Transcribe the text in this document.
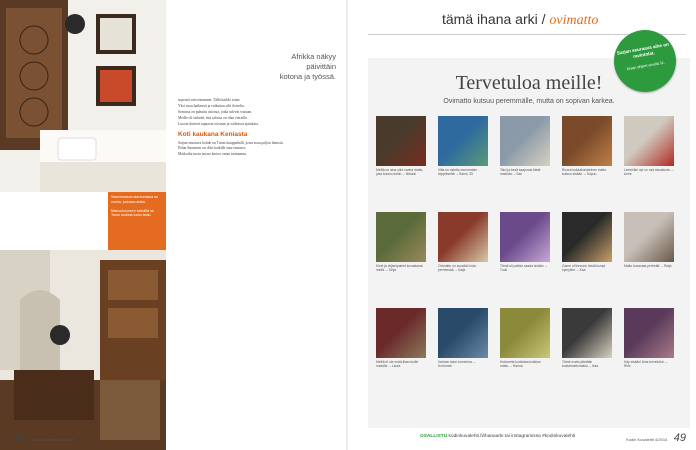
Vasemmassa alareunassa on vanha, painava arkku.

Makuuhuoneen seinällä on Turun kodista tuotu taulu.

Afrikka näkyy
päivittäin
kotona ja työssä.

sopeutti vaivoistamme. Tällä kaikki toimi.

Yksi asuu haikeasti ja vaikuttaa silti iloiselta.

Somissa on puhuttu asioista, jotka tulevat vastaan.

Meille oli tärkeää, että talossa on tilaa vieraille.

Luovat ihmiset tapaavat toisiaan ja vaihtavat ajatuksia.

Koti kaukana Keniasta

Sarjan seuraava kohde on Turun kauppahalli, jossa asuu paljon ihmisiä.

Paluu Suomeen on ollut kaikille suuri muutos.

Matkoilta tuotu tavara kertoo omaa tarinaansa.

48 Kodin Kuvalehti 4/2014
tämä ihana arki / ovimatto
Tervetuloa meille!
Ovimatto kutsuu peremmälle, mutta on sopivan karkea.
Meillä on aina ollut vanha matto, joka kuuluu kotiin. – Nikolai
Vilta on ostettu mummolan kirppikseltä. – Sanni, 25
Talvi ja kesä saapuvat tästä matosta. – Sari
Roosa kukkakoristeinen matto kutsuu sisään. – Sopuu
Lemmikki nyt on osa sisustusta. – Anne
Kivet ja viljasirpaleet kuvastavat meitä. – Sinja
Ovimatto on suosikki koko perheessä. – Kaija
Tämä oli paikko saada sisään. – Tuuli
Game of thrones: tästä kumpi hymyilee. – Kaa
Matto kuvastaa perhettä. – Raija
Meillä ei ole enää tilaa muille matoille. – Laura
Vanhan talon tunnelma. – Korhonen
Kotiovelta kurkistaa kukkiva matto. – Hanna
Tämä matto jätetään koskemattomaksi. – Iksa
Käy sisään! Aina tervetullut. – Ririk
Sarjan seuraava aihe on ravintolat.
Kisan ohjeet sivulla 11.
Kodin Kuvalehti 4/2014 49
OSALLISTU kodinkuvalehti.fi/ihanaarki tai instagramissa #kodinkuvalehti
